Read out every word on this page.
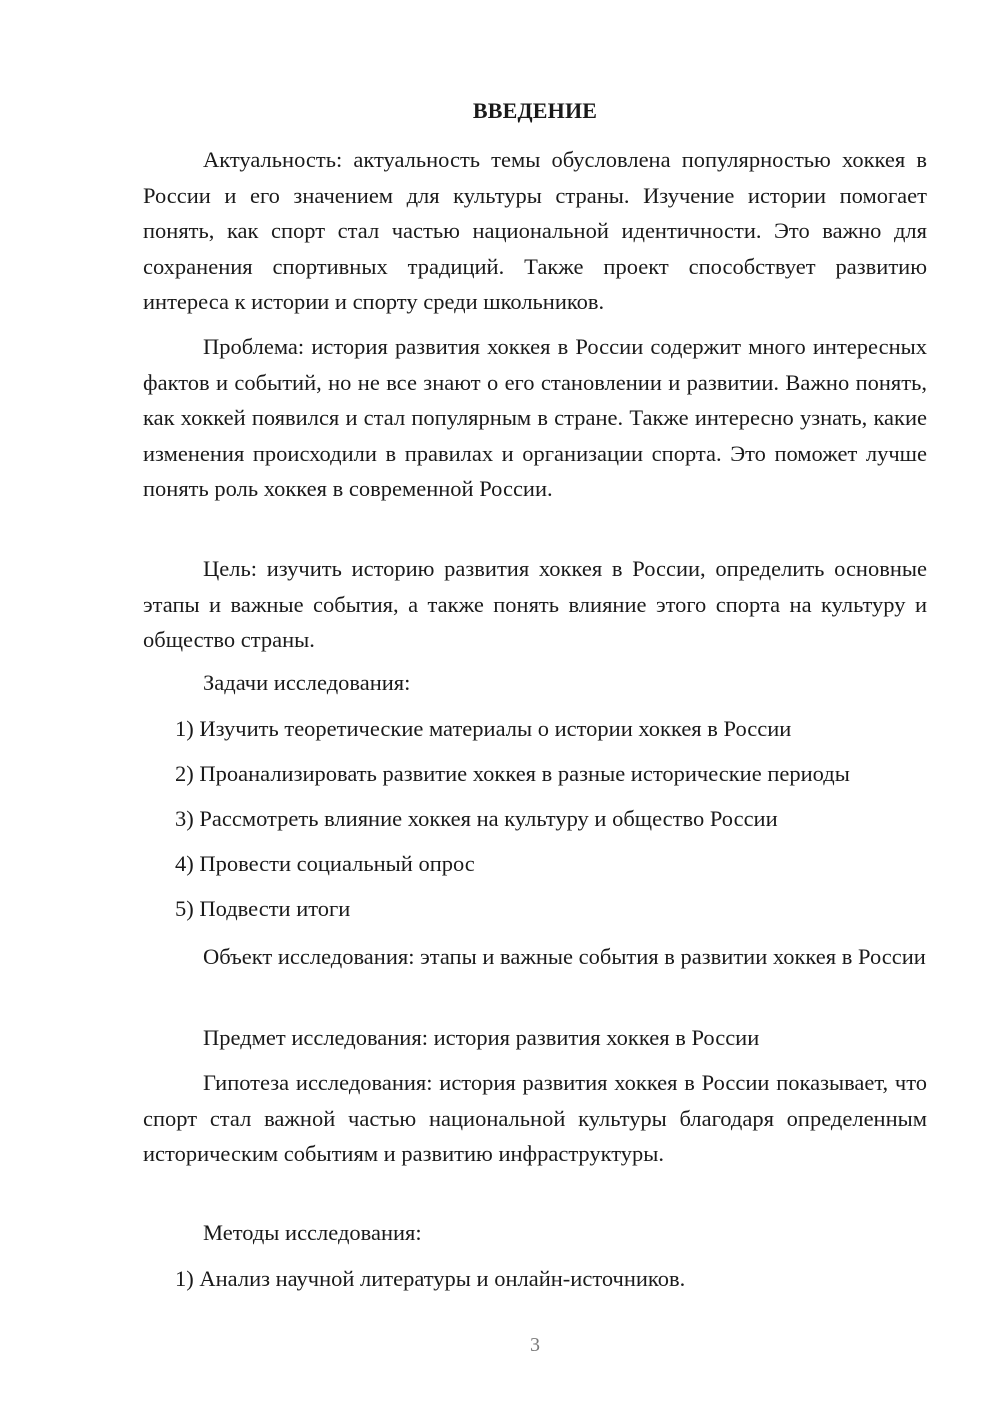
ВВЕДЕНИЕ

Актуальность: актуальность темы обусловлена популярностью хоккея в России и его значением для культуры страны. Изучение истории помогает понять, как спорт стал частью национальной идентичности. Это важно для сохранения спортивных традиций. Также проект способствует развитию интереса к истории и спорту среди школьников.

Проблема: история развития хоккея в России содержит много интересных фактов и событий, но не все знают о его становлении и развитии. Важно понять, как хоккей появился и стал популярным в стране. Также интересно узнать, какие изменения происходили в правилах и организации спорта. Это поможет лучше понять роль хоккея в современной России.

Цель: изучить историю развития хоккея в России, определить основные этапы и важные события, а также понять влияние этого спорта на культуру и общество страны.

Задачи исследования:
1) Изучить теоретические материалы о истории хоккея в России
2) Проанализировать развитие хоккея в разные исторические периоды
3) Рассмотреть влияние хоккея на культуру и общество России
4) Провести социальный опрос
5) Подвести итоги

Объект исследования: этапы и важные события в развитии хоккея в России

Предмет исследования: история развития хоккея в России

Гипотеза исследования: история развития хоккея в России показывает, что спорт стал важной частью национальной культуры благодаря определенным историческим событиям и развитию инфраструктуры.

Методы исследования:
1) Анализ научной литературы и онлайн-источников.
3
